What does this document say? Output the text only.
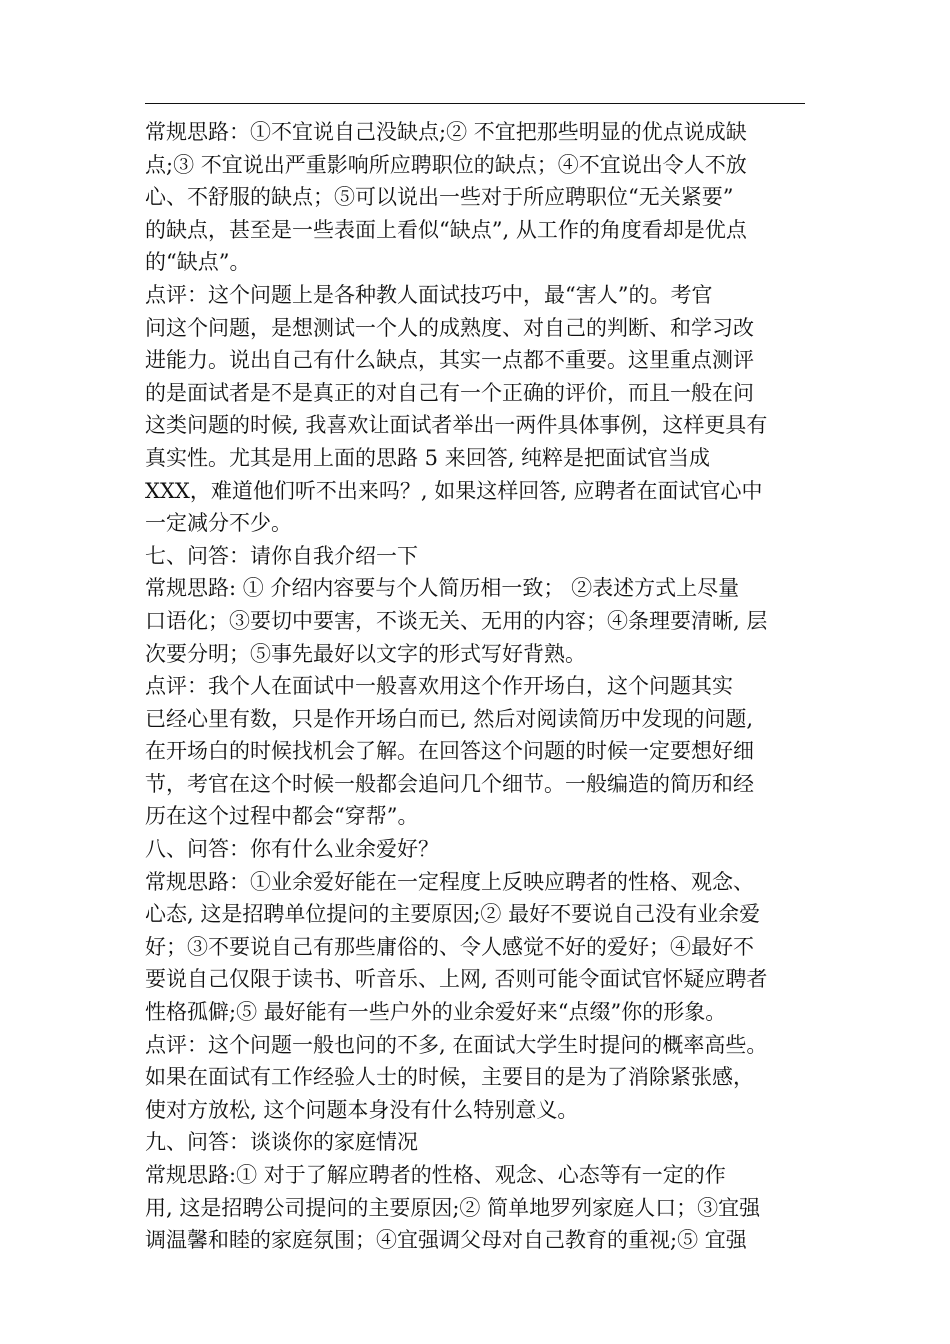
常规思路：①不宜说自己没缺点;② 不宜把那些明显的优点说成缺
点;③ 不宜说出严重影响所应聘职位的缺点；④不宜说出令人不放
心、不舒服的缺点；⑤可以说出一些对于所应聘职位“无关紧要”
的缺点，甚至是一些表面上看似“缺点”, 从工作的角度看却是优点
的“缺点”。
点评：这个问题上是各种教人面试技巧中，最“害人”的。考官
问这个问题，是想测试一个人的成熟度、对自己的判断、和学习改
进能力。说出自己有什么缺点，其实一点都不重要。这里重点测评
的是面试者是不是真正的对自己有一个正确的评价，而且一般在问
这类问题的时候, 我喜欢让面试者举出一两件具体事例，这样更具有
真实性。尤其是用上面的思路 5 来回答, 纯粹是把面试官当成
XXX，难道他们听不出来吗？, 如果这样回答, 应聘者在面试官心中
一定减分不少。
七、问答：请你自我介绍一下
常规思路: ① 介绍内容要与个人简历相一致； ②表述方式上尽量
口语化；③要切中要害，不谈无关、无用的内容；④条理要清晰, 层
次要分明；⑤事先最好以文字的形式写好背熟。
点评：我个人在面试中一般喜欢用这个作开场白，这个问题其实
已经心里有数，只是作开场白而已, 然后对阅读简历中发现的问题,
在开场白的时候找机会了解。在回答这个问题的时候一定要想好细
节，考官在这个时候一般都会追问几个细节。一般编造的简历和经
历在这个过程中都会“穿帮”。
八、问答：你有什么业余爱好？
常规思路：①业余爱好能在一定程度上反映应聘者的性格、观念、
心态, 这是招聘单位提问的主要原因;② 最好不要说自己没有业余爱
好；③不要说自己有那些庸俗的、令人感觉不好的爱好；④最好不
要说自己仅限于读书、听音乐、上网, 否则可能令面试官怀疑应聘者
性格孤僻;⑤ 最好能有一些户外的业余爱好来“点缀”你的形象。
点评：这个问题一般也问的不多, 在面试大学生时提问的概率高些。
如果在面试有工作经验人士的时候，主要目的是为了消除紧张感，
使对方放松, 这个问题本身没有什么特别意义。
九、问答：谈谈你的家庭情况
常规思路:① 对于了解应聘者的性格、观念、心态等有一定的作
用, 这是招聘公司提问的主要原因;② 简单地罗列家庭人口；③宜强
调温馨和睦的家庭氛围；④宜强调父母对自己教育的重视;⑤ 宜强
